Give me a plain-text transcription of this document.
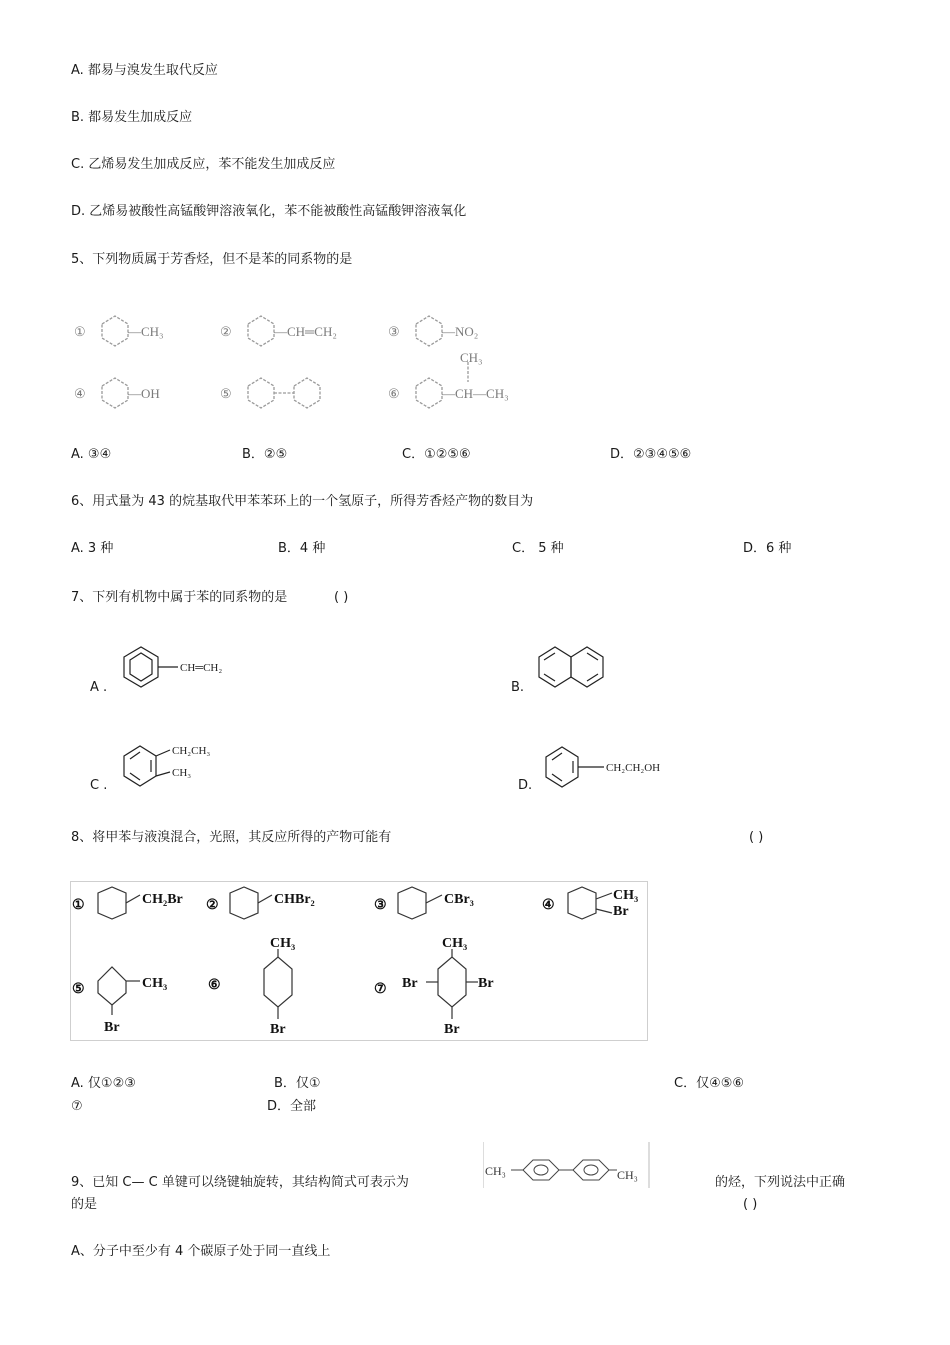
A. 都易与溴发生取代反应
B. 都易发生加成反应
C. 乙烯易发生加成反应，苯不能发生加成反应
D. 乙烯易被酸性高锰酸钾溶液氧化，苯不能被酸性高锰酸钾溶液氧化
5、下列物质属于芳香烃，但不是苯的同系物的是
①	—CH₃	②	—CH═CH₂	③	—NO₂
④	—OH	⑤	⑥
CH₃
—CH—CH₃
A. ③④	B．②⑤	C．①②⑤⑥	D．②③④⑤⑥
6、用式量为 43 的烷基取代甲苯苯环上的一个氢原子，所得芳香烃产物的数目为
A. 3 种	B．4 种	C． 5 种	D．6 种
7、下列有机物中属于苯的同系物的是	( )
A .
CH═CH₂
B.
C .
CH₂CH₃
CH₃
D.
CH₂CH₂OH
8、将甲苯与液溴混合，光照，其反应所得的产物可能有	( )
①	CH₂Br ②	CHBr₂	③	CBr₃	④
CH₃
Br
⑤	CH₃
Br
⑥
CH₃
Br
⑦
CH₃
Br	Br
Br
A. 仅①②③	B．仅①	C．仅④⑤⑥
⑦	D．全部
9、已知 C— C 单键可以绕键轴旋转，其结构简式可表示为
CH₃	CH₃	的烃，下列说法中正确
的是	( )
A、分子中至少有 4 个碳原子处于同一直线上
